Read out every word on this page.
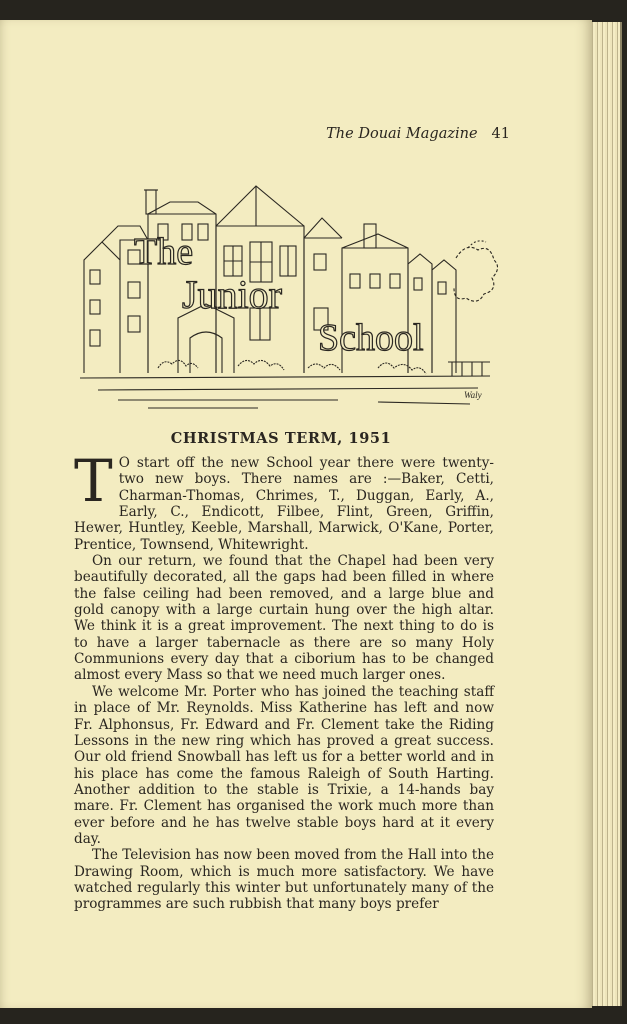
The Douai Magazine 41
The
Junior
School
Waly
CHRISTMAS TERM, 1951

T O start off the new School year there were twenty-two new boys. There names are :—Baker, Cetti, Charman-Thomas, Chrimes, T., Duggan, Early, A., Early, C., Endicott, Filbee, Flint, Green, Griffin, Hewer, Huntley, Keeble, Marshall, Marwick, O'Kane, Porter, Prentice, Townsend, Whitewright.

On our return, we found that the Chapel had been very beautifully decorated, all the gaps had been filled in where the false ceiling had been removed, and a large blue and gold canopy with a large curtain hung over the high altar. We think it is a great improvement. The next thing to do is to have a larger tabernacle as there are so many Holy Communions every day that a ciborium has to be changed almost every Mass so that we need much larger ones.

We welcome Mr. Porter who has joined the teaching staff in place of Mr. Reynolds. Miss Katherine has left and now Fr. Alphonsus, Fr. Edward and Fr. Clement take the Riding Lessons in the new ring which has proved a great success. Our old friend Snowball has left us for a better world and in his place has come the famous Raleigh of South Harting. Another addition to the stable is Trixie, a 14-hands bay mare. Fr. Clement has organised the work much more than ever before and he has twelve stable boys hard at it every day.

The Television has now been moved from the Hall into the Drawing Room, which is much more satisfactory. We have watched regularly this winter but unfortunately many of the programmes are such rubbish that many boys prefer
